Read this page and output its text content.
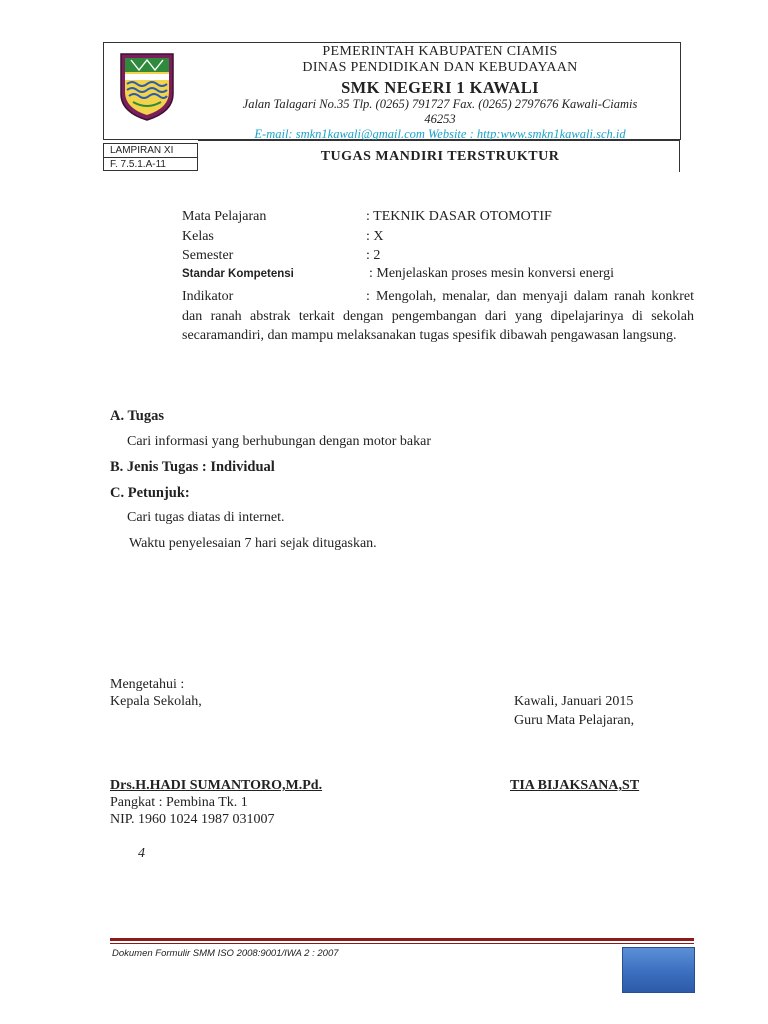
PEMERINTAH KABUPATEN CIAMIS
DINAS PENDIDIKAN DAN KEBUDAYAAN
SMK NEGERI 1 KAWALI
Jalan Talagari No.35 Tlp. (0265) 791727 Fax. (0265) 2797676 Kawali-Ciamis
46253
E-mail: smkn1kawali@gmail.com Website : http:www.smkn1kawali.sch.id
LAMPIRAN XI
F. 7.5.1.A-11
TUGAS MANDIRI TERSTRUKTUR
Mata Pelajaran	: TEKNIK DASAR OTOMOTIF
Kelas	: X
Semester	: 2
Standar Kompetensi	: Menjelaskan proses mesin konversi energi
Indikator	: Mengolah, menalar, dan menyaji dalam ranah konkret dan ranah abstrak terkait dengan pengembangan dari yang dipelajarinya di sekolah secaramandiri, dan mampu melaksanakan tugas spesifik dibawah pengawasan langsung.
A. Tugas
Cari informasi yang berhubungan dengan motor bakar
B. Jenis Tugas : Individual
C. Petunjuk:
Cari tugas diatas di internet.
Waktu penyelesaian 7 hari sejak ditugaskan.
Mengetahui :
Kepala Sekolah,	Kawali, Januari 2015
Guru Mata Pelajaran,
Drs.H.HADI SUMANTORO,M.Pd.	TIA BIJAKSANA,ST
Pangkat : Pembina Tk. 1
NIP. 1960 1024 1987 031007
4
Dokumen Formulir SMM ISO 2008:9001/IWA 2 : 2007
